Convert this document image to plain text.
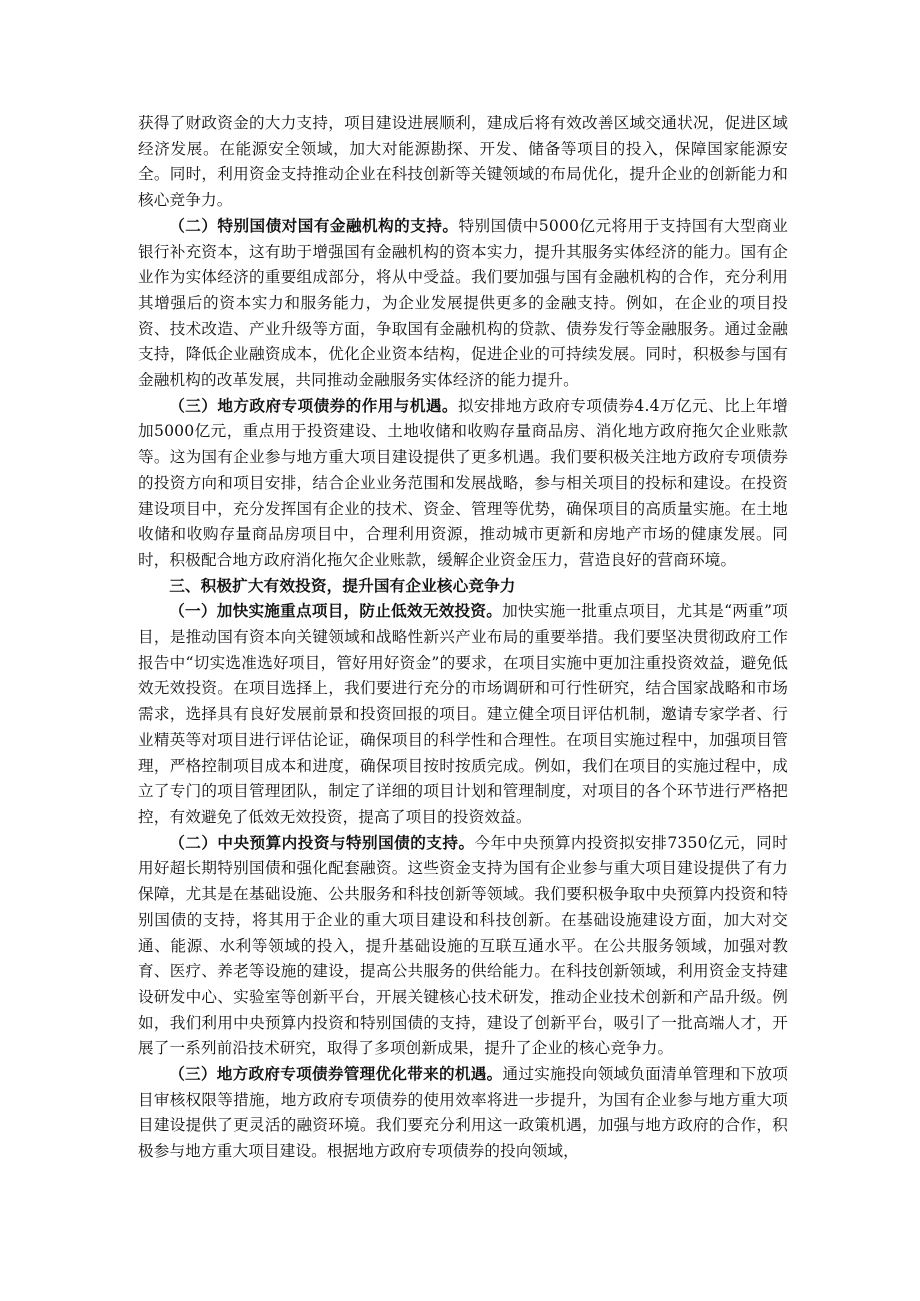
获得了财政资金的大力支持，项目建设进展顺利，建成后将有效改善区域交通状况，促进区域经济发展。在能源安全领域，加大对能源勘探、开发、储备等项目的投入，保障国家能源安全。同时，利用资金支持推动企业在科技创新等关键领域的布局优化，提升企业的创新能力和核心竞争力。

（二）特别国债对国有金融机构的支持。特别国债中5000亿元将用于支持国有大型商业银行补充资本，这有助于增强国有金融机构的资本实力，提升其服务实体经济的能力。国有企业作为实体经济的重要组成部分，将从中受益。我们要加强与国有金融机构的合作，充分利用其增强后的资本实力和服务能力，为企业发展提供更多的金融支持。例如，在企业的项目投资、技术改造、产业升级等方面，争取国有金融机构的贷款、债券发行等金融服务。通过金融支持，降低企业融资成本，优化企业资本结构，促进企业的可持续发展。同时，积极参与国有金融机构的改革发展，共同推动金融服务实体经济的能力提升。

（三）地方政府专项债券的作用与机遇。拟安排地方政府专项债券4.4万亿元、比上年增加5000亿元，重点用于投资建设、土地收储和收购存量商品房、消化地方政府拖欠企业账款等。这为国有企业参与地方重大项目建设提供了更多机遇。我们要积极关注地方政府专项债券的投资方向和项目安排，结合企业业务范围和发展战略，参与相关项目的投标和建设。在投资建设项目中，充分发挥国有企业的技术、资金、管理等优势，确保项目的高质量实施。在土地收储和收购存量商品房项目中，合理利用资源，推动城市更新和房地产市场的健康发展。同时，积极配合地方政府消化拖欠企业账款，缓解企业资金压力，营造良好的营商环境。

三、积极扩大有效投资，提升国有企业核心竞争力

（一）加快实施重点项目，防止低效无效投资。加快实施一批重点项目，尤其是“两重”项目，是推动国有资本向关键领域和战略性新兴产业布局的重要举措。我们要坚决贯彻政府工作报告中“切实选准选好项目，管好用好资金”的要求，在项目实施中更加注重投资效益，避免低效无效投资。在项目选择上，我们要进行充分的市场调研和可行性研究，结合国家战略和市场需求，选择具有良好发展前景和投资回报的项目。建立健全项目评估机制，邀请专家学者、行业精英等对项目进行评估论证，确保项目的科学性和合理性。在项目实施过程中，加强项目管理，严格控制项目成本和进度，确保项目按时按质完成。例如，我们在项目的实施过程中，成立了专门的项目管理团队，制定了详细的项目计划和管理制度，对项目的各个环节进行严格把控，有效避免了低效无效投资，提高了项目的投资效益。

（二）中央预算内投资与特别国债的支持。今年中央预算内投资拟安排7350亿元，同时用好超长期特别国债和强化配套融资。这些资金支持为国有企业参与重大项目建设提供了有力保障，尤其是在基础设施、公共服务和科技创新等领域。我们要积极争取中央预算内投资和特别国债的支持，将其用于企业的重大项目建设和科技创新。在基础设施建设方面，加大对交通、能源、水利等领域的投入，提升基础设施的互联互通水平。在公共服务领域，加强对教育、医疗、养老等设施的建设，提高公共服务的供给能力。在科技创新领域，利用资金支持建设研发中心、实验室等创新平台，开展关键核心技术研发，推动企业技术创新和产品升级。例如，我们利用中央预算内投资和特别国债的支持，建设了创新平台，吸引了一批高端人才，开展了一系列前沿技术研究，取得了多项创新成果，提升了企业的核心竞争力。

（三）地方政府专项债券管理优化带来的机遇。通过实施投向领域负面清单管理和下放项目审核权限等措施，地方政府专项债券的使用效率将进一步提升，为国有企业参与地方重大项目建设提供了更灵活的融资环境。我们要充分利用这一政策机遇，加强与地方政府的合作，积极参与地方重大项目建设。根据地方政府专项债券的投向领域，
